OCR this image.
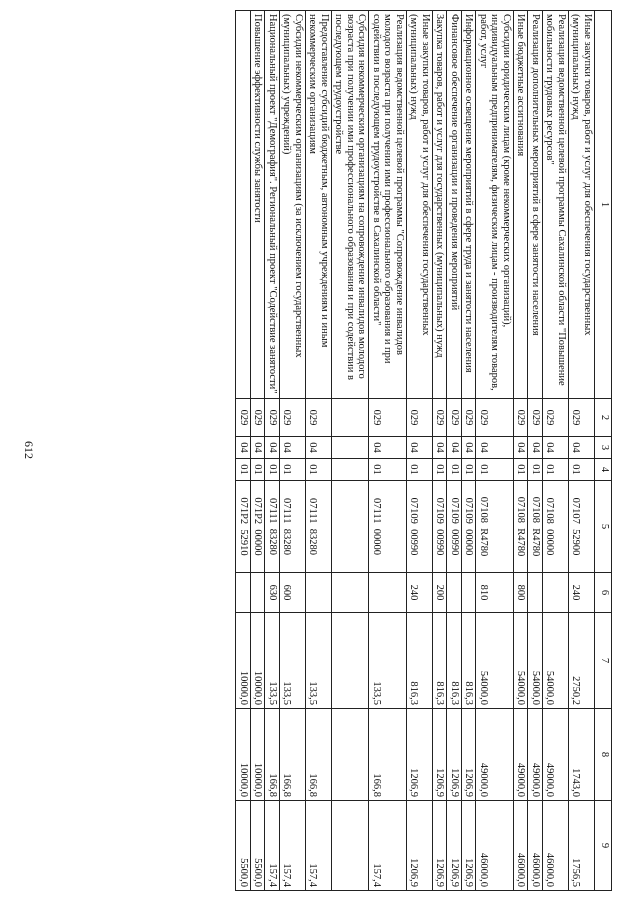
1	2	3	4	5	6	7	8	9
Иные закупки товаров, работ и услуг для обеспечения государственных (муниципальных) нужд	029	04	01	07107  52900	240	2750,2	1743,0	1756,5
Реализация ведомственной целевой программы Сахалинской области "Повышение мобильности трудовых ресурсов"	029	04	01	07108  00000		54000,0	49000,0	46000,0
Реализация дополнительных мероприятий в сфере занятости населения	029	04	01	07108  R4780		54000,0	49000,0	46000,0
Иные бюджетные ассигнования	029	04	01	07108  R4780	800	54000,0	49000,0	46000,0
Субсидии юридическим лицам (кроме некоммерческих организаций), индивидуальным предпринимателям, физическим лицам - производителям товаров, работ, услуг	029	04	01	07108  R4780	810	54000,0	49000,0	46000,0
Информационное освещение мероприятий в сфере труда и занятости населения	029	04	01	07109  00000		816,3	1206,9	1206,9
Финансовое обеспечение организации и проведения мероприятий	029	04	01	07109  00990		816,3	1206,9	1206,9
Закупка товаров, работ и услуг для государственных (муниципальных) нужд	029	04	01	07109  00990	200	816,3	1206,9	1206,9
Иные закупки товаров, работ и услуг для обеспечения государственных (муниципальных) нужд	029	04	01	07109  00990	240	816,3	1206,9	1206,9
Реализация ведомственной целевой программы "Сопровождение инвалидов молодого возраста при получении ими профессионального образования и при содействии в последующем трудоустройстве в Сахалинской области"	029	04	01	07111  00000		133,5	166,8	157,4
Субсидия некоммерческим организациям на сопровождение инвалидов молодого возраста при получении ими профессионального образования и при содействии в последующем трудоустройстве								
Предоставление субсидий бюджетным, автономным учреждениям и иным некоммерческим организациям	029	04	01	07111  83280		133,5	166,8	157,4
Субсидии некоммерческим организациям (за исключением государственных (муниципальных) учреждений)	029	04	01	07111  83280	600	133,5	166,8	157,4
Национальный проект "Демография". Региональный проект "Содействие занятости"	029	04	01	07111  83280	630	133,5	166,8	157,4
Повышение эффективности службы занятости	029	04	01	071P2  00000		10000,0	10000,0	5500,0
	029	04	01	071P2  52910		10000,0	10000,0	5500,0
612
